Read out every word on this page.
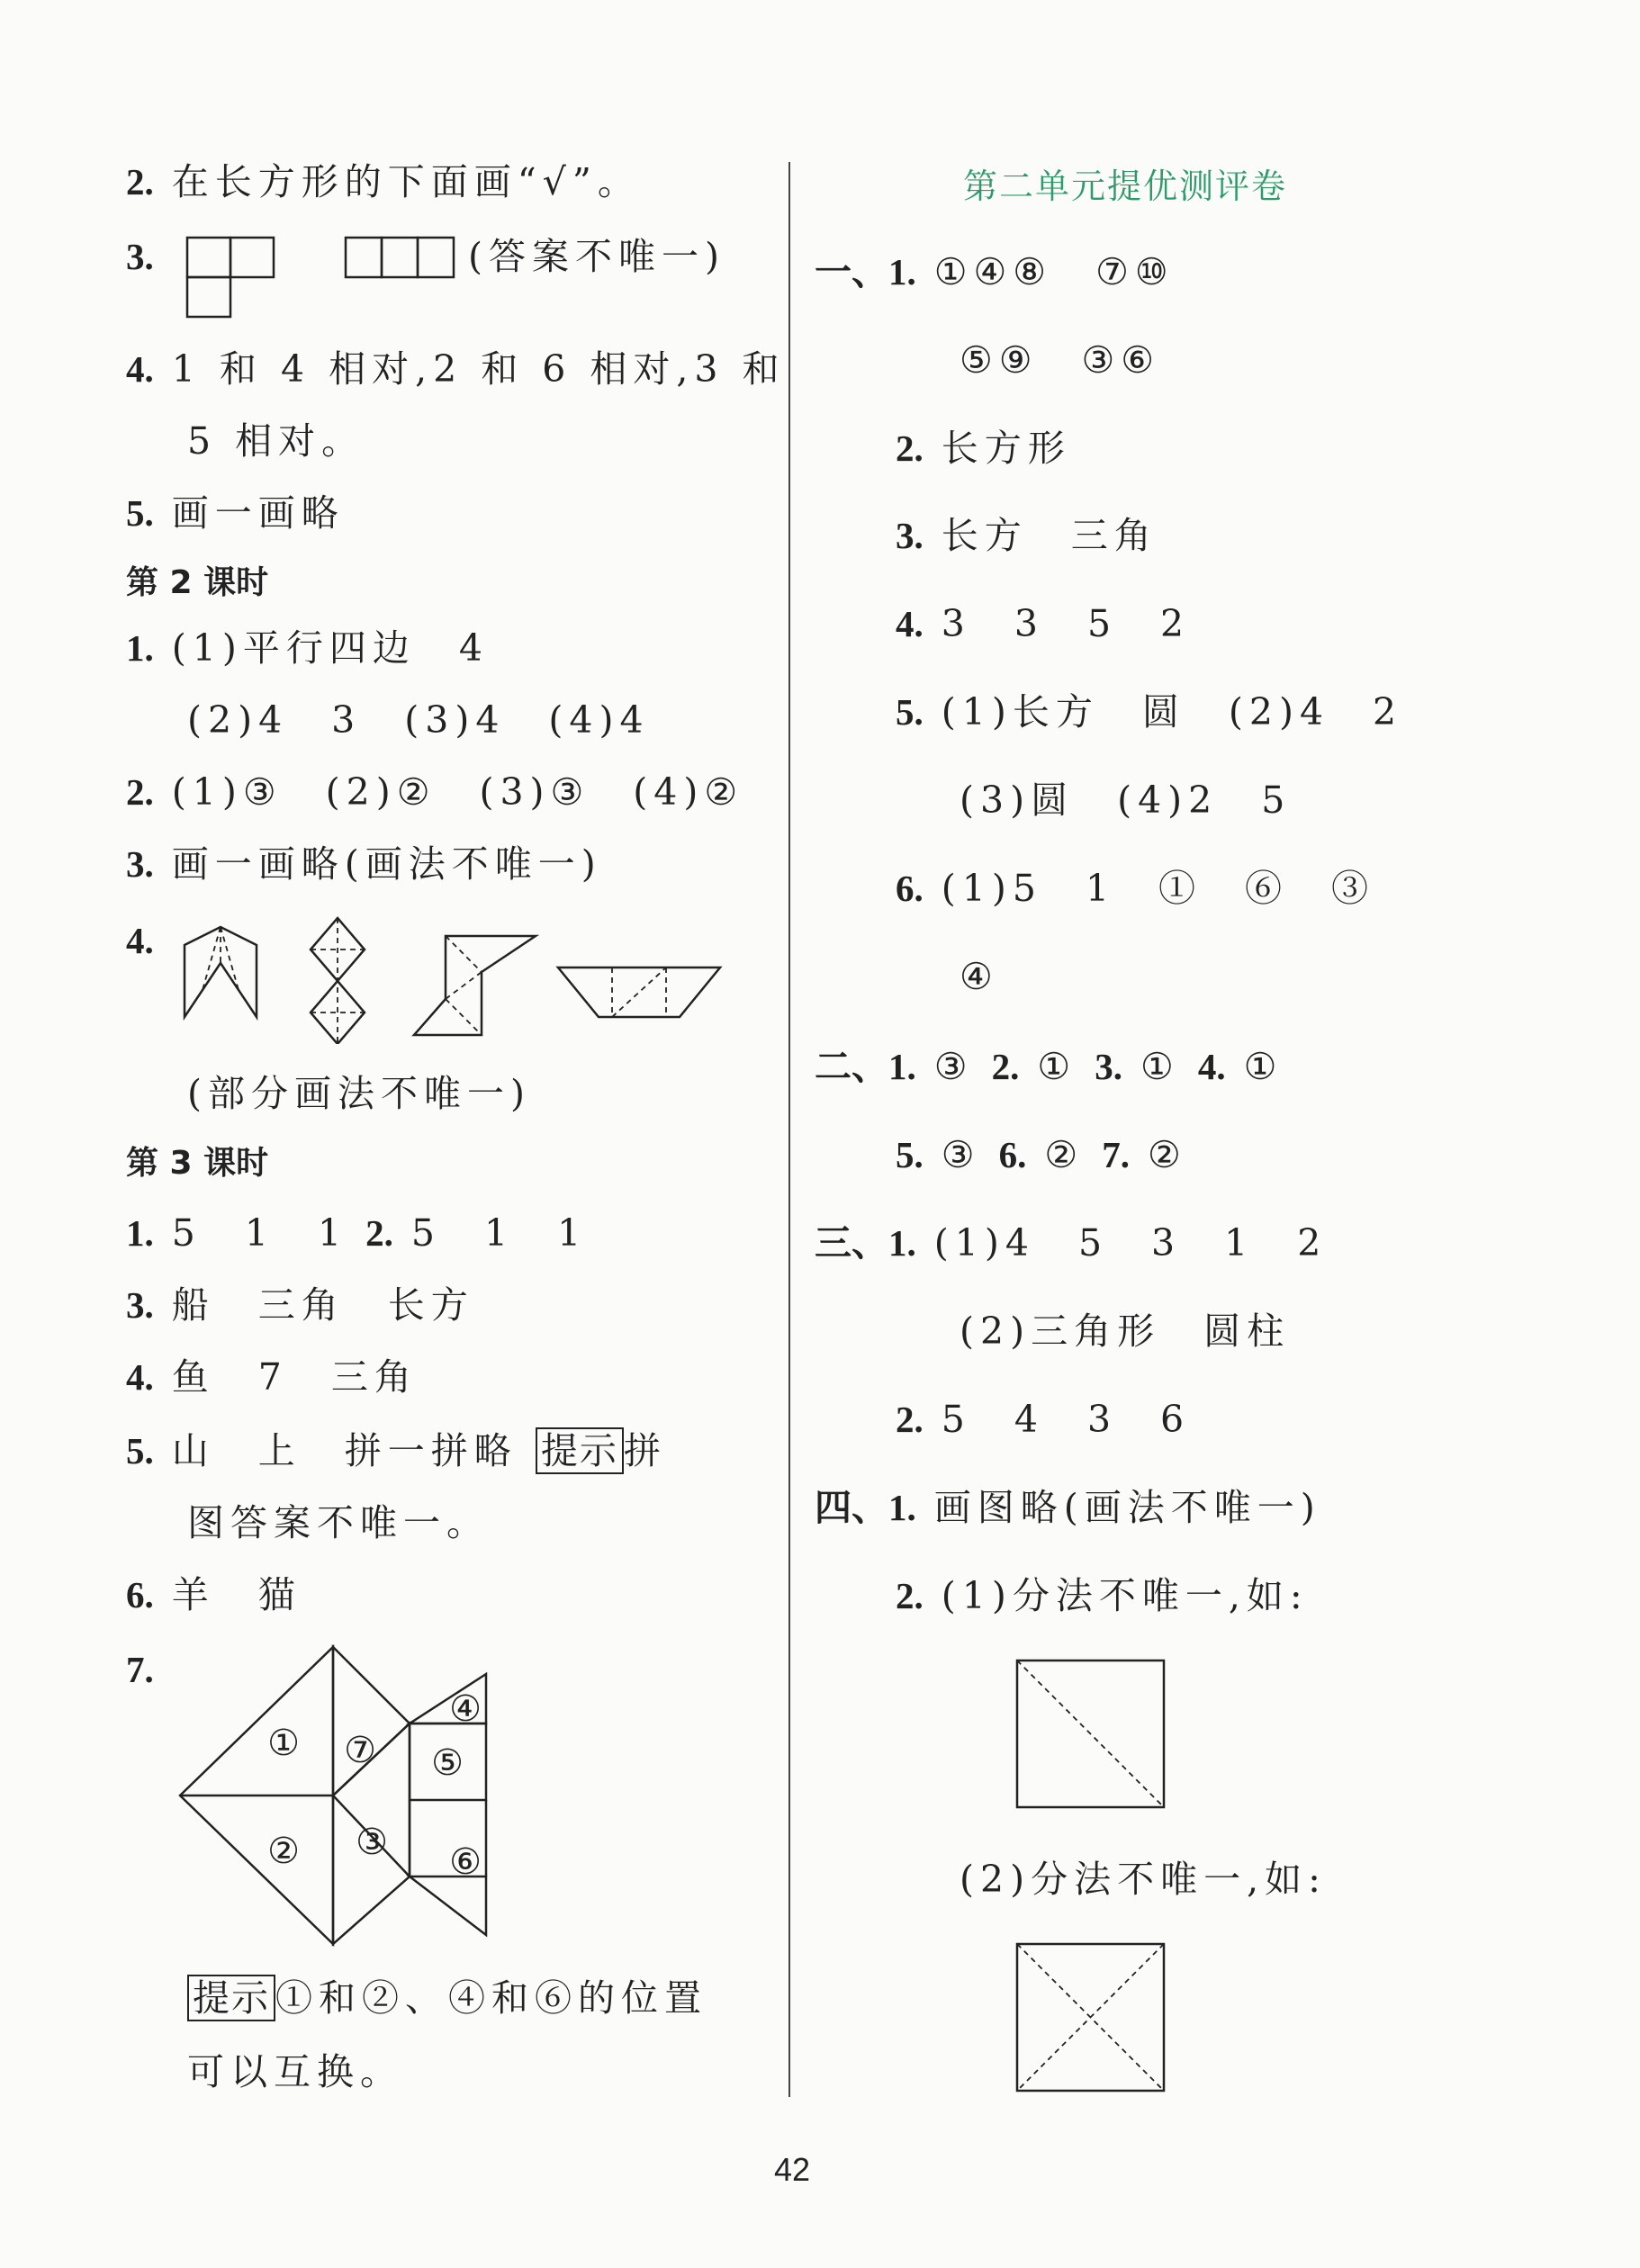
2. 在长方形的下面画“√”。
3.	(答案不唯一)
4. 1 和 4 相对,2 和 6 相对,3 和
5 相对。
5. 画一画略
第 2 课时
1. (1)平行四边　4
(2)4　3　(3)4　(4)4
2. (1)③　(2)②　(3)③　(4)②
3. 画一画略(画法不唯一)
4.
(部分画法不唯一)
第 3 课时
1. 5　1　1 2. 5　1　1
3. 船　三角　长方
4. 鱼　7　三角
5. 山　上　拼一拼略 提示 拼
图答案不唯一。
6. 羊　猫
7.
①
② ③
④
⑤
⑥
⑦
提示 ①和②、④和⑥的位置
可以互换。
第二单元提优测评卷
一、1. ①④⑧　⑦⑩
⑤⑨　③⑥
2. 长方形
3. 长方　三角
4. 3　3　5　2
5. (1)长方　圆　(2)4　2
(3)圆　(4)2　5
6. (1)5　1　①　⑥　③
④
二、1. ③ 2. ① 3. ① 4. ①
5. ③ 6. ② 7. ②
三、1. (1)4　5　3　1　2
(2)三角形　圆柱
2. 5　4　3　6
四、1. 画图略(画法不唯一)
2. (1)分法不唯一,如:
(2)分法不唯一,如:
42
